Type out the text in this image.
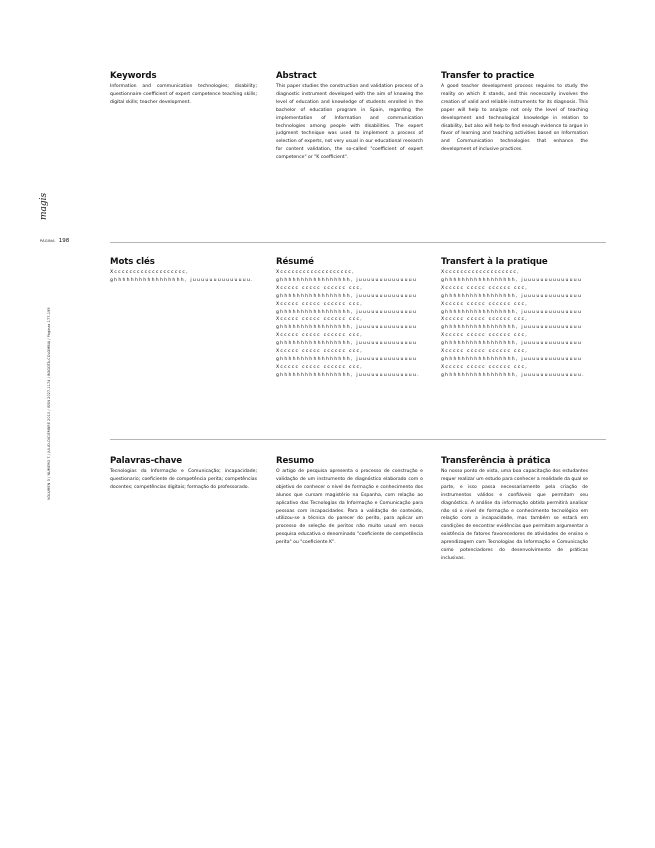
magis
VOLUMEN 3 / NÚMERO 7 / JULIO-DICIEMBRE 2010 / ISSN 2027-1174 / BOGOTÁ-COLOMBIA / Páginas 177-199
PÁGINA 198
Keywords

Information and communication technologies; disability; questionnaire coefficient of expert competence teaching skills; digital skills; teacher development.

Abstract

This paper studies the construction and validation process of a diagnostic instrument developed with the aim of knowing the level of education and knowledge of students enrolled in the bachelor of education program in Spain, regarding the implementation of Information and communication technologies among people with disabilities. The expert judgment technique was used to implement a process of selection of experts, not very usual in our educational research for content validation, the so-called "coefficient of expert competence" or "K coefficient".

Transfer to practice

A good teacher development process requires to study the reality on which it stands, and this necessarily involves the creation of valid and reliable instruments for its diagnosis. This paper will help to analyze not only the level of teaching development and technological knowledge in relation to disability, but also will help to find enough evidence to argue in favor of learning and teaching activities based on Information and Communication technologies that enhance the development of inclusive practices.

Mots clés

Xccccccccccccccccccc, ghhhhhhhhhhhhhhhhh, juuuuuuuuuuuuuu.

Résumé

Xccccccccccccccccccc, ghhhhhhhhhhhhhhhhh, juuuuuuuuuuuuuu Xccccc ccccc cccccc ccc, ghhhhhhhhhhhhhhhhh, juuuuuuuuuuuuuu Xccccc ccccc cccccc ccc, ghhhhhhhhhhhhhhhhh, juuuuuuuuuuuuuu Xccccc ccccc cccccc ccc, ghhhhhhhhhhhhhhhhh, juuuuuuuuuuuuuu Xccccc ccccc cccccc ccc, ghhhhhhhhhhhhhhhhh, juuuuuuuuuuuuuu Xccccc ccccc cccccc ccc, ghhhhhhhhhhhhhhhhh, juuuuuuuuuuuuuu Xccccc ccccc cccccc ccc, ghhhhhhhhhhhhhhhhh, juuuuuuuuuuuuuu.

Transfert à la pratique

Xccccccccccccccccccc, ghhhhhhhhhhhhhhhhh, juuuuuuuuuuuuuu Xccccc ccccc cccccc ccc, ghhhhhhhhhhhhhhhhh, juuuuuuuuuuuuuu Xccccc ccccc cccccc ccc, ghhhhhhhhhhhhhhhhh, juuuuuuuuuuuuuu Xccccc ccccc cccccc ccc, ghhhhhhhhhhhhhhhhh, juuuuuuuuuuuuuu Xccccc ccccc cccccc ccc, ghhhhhhhhhhhhhhhhh, juuuuuuuuuuuuuu Xccccc ccccc cccccc ccc, ghhhhhhhhhhhhhhhhh, juuuuuuuuuuuuuu Xccccc ccccc cccccc ccc, ghhhhhhhhhhhhhhhhh, juuuuuuuuuuuuuu.

Palavras-chave

Tecnologias da Informação e Comunicação; incapacidade; questionario; coeficiente de competência perita; competências docentes; competências digitais; formação do professorado.

Resumo

O artigo de pesquisa apresenta o processo de construção e validação de um instrumento de diagnóstico elaborado com o objetivo de conhecer o nível de formação e conhecimento dos alunos que cursam magistério na Espanha, com relação ao aplicativo das Tecnologias da Informação e Comunicação para pessoas com incapacidades. Para a validação de conteúdo, utilizou-se a técnica do parecer do perito, para aplicar um processo de seleção de peritos não muito usual em nossa pesquisa educativa o denominado "coeficiente de competência perita" ou "coeficiente K".

Transferência à prática

No nosso ponto de vista, uma boa capacitação dos estudantes requer realizar um estudo para conhecer a realidade da qual se parte, e isso passa necessariamente pela criação de instrumentos válidos e confiáveis que permitam seu diagnóstico. A análise da informação obtida permitirá analisar não só o nível de formação e conhecimento tecnológico em relação com a incapacidade, mas também se estará em condições de encontrar evidências que permitam argumentar a existência de fatores favorecedores de atividades de ensino e aprendizagem com Tecnologias da Informação e Comunicação como potenciadores do desenvolvimento de práticas inclusivas.
